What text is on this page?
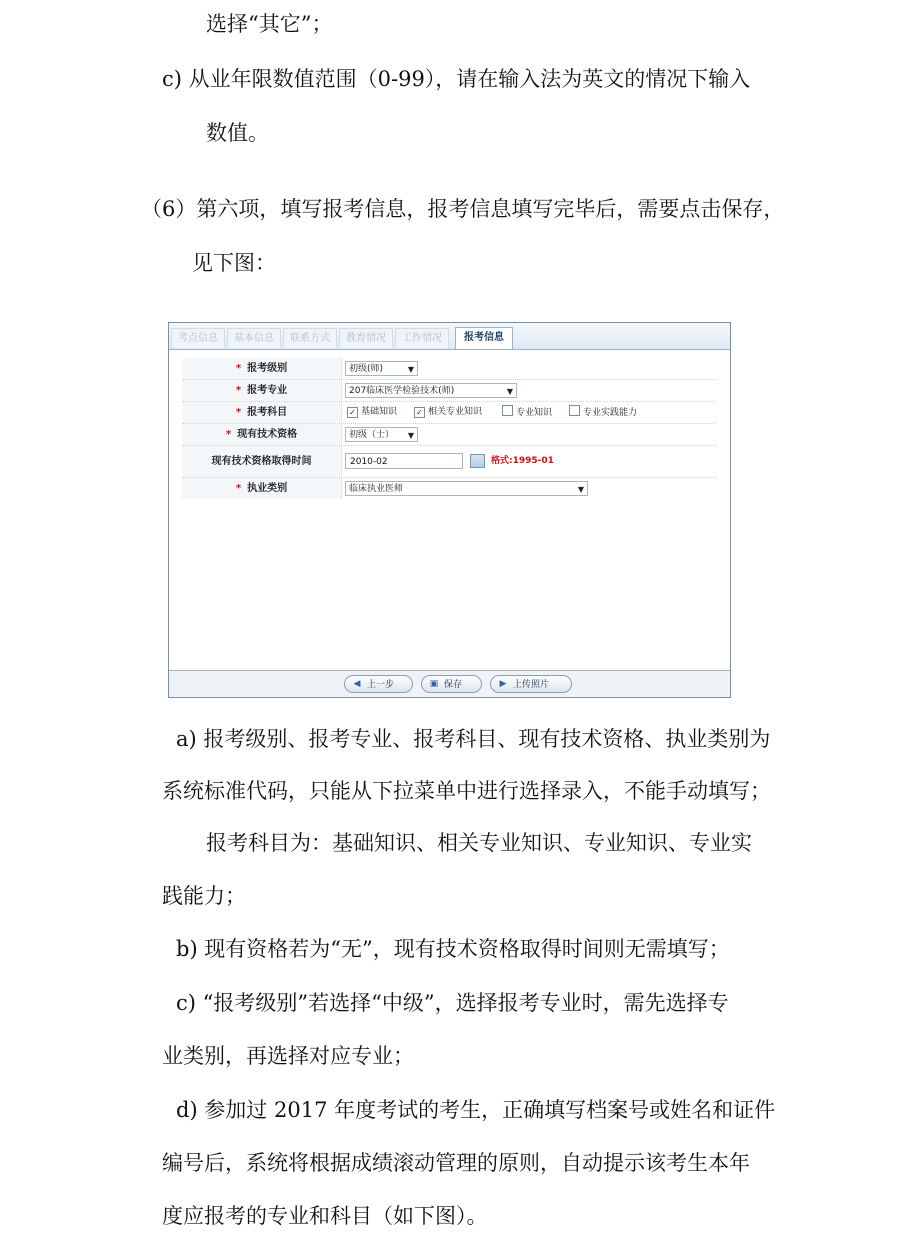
选择“其它”；
c) 从业年限数值范围（0-99），请在输入法为英文的情况下输入
数值。
（6）第六项，填写报考信息，报考信息填写完毕后，需要点击保存，
见下图：
考点信息	基本信息	联系方式	教育情况	工作情况	报考信息
* 报考级别	初级(师)	▼
* 报考专业	207临床医学检验技术(师)	▼
* 报考科目	✓ 基础知识 ✓ 相关专业知识	专业知识	专业实践能力
* 现有技术资格	初级（士） ▼
现有技术资格取得时间	2010-02	格式:1995-01
* 执业类别	临床执业医师	▼
◀ 上一步	▣ 保存	▶ 上传照片
a) 报考级别、报考专业、报考科目、现有技术资格、执业类别为
系统标准代码，只能从下拉菜单中进行选择录入，不能手动填写；
报考科目为：基础知识、相关专业知识、专业知识、专业实
践能力；
b) 现有资格若为“无”，现有技术资格取得时间则无需填写；
c) “报考级别”若选择“中级”，选择报考专业时，需先选择专
业类别，再选择对应专业；
d) 参加过 2017 年度考试的考生，正确填写档案号或姓名和证件
编号后，系统将根据成绩滚动管理的原则，自动提示该考生本年
度应报考的专业和科目（如下图）。
